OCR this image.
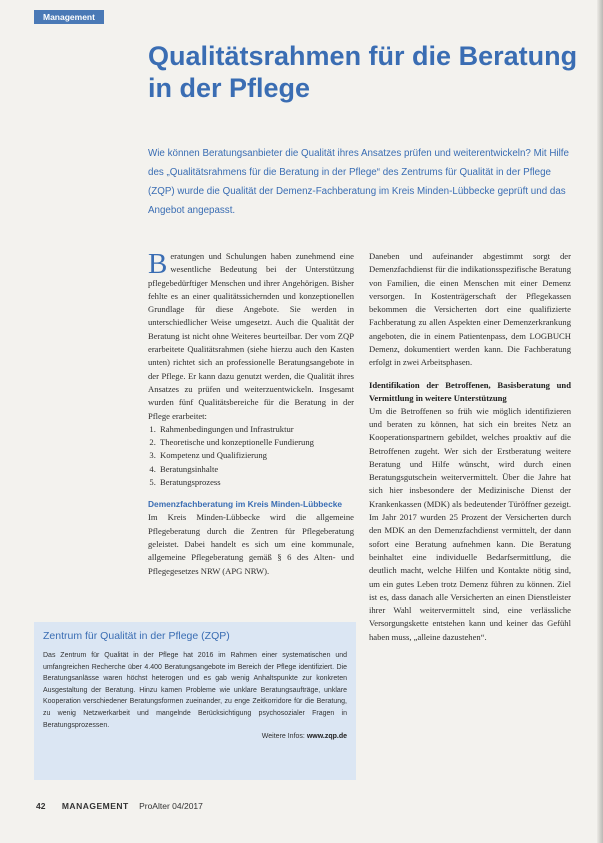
Management
Qualitätsrahmen für die Beratung in der Pflege

Wie können Beratungsanbieter die Qualität ihres Ansatzes prüfen und weiterentwickeln? Mit Hilfe des „Qualitätsrahmens für die Beratung in der Pflege“ des Zentrums für Qualität in der Pflege (ZQP) wurde die Qualität der Demenz-Fachberatung im Kreis Minden-Lübbecke geprüft und das Angebot angepasst.

Beratungen und Schulungen haben zunehmend eine wesentliche Bedeutung bei der Unterstützung pflegebedürftiger Menschen und ihrer Angehörigen. Bisher fehlte es an einer qualitätssichernden und konzeptionellen Grundlage für diese Angebote. Sie werden in unterschiedlicher Weise umgesetzt. Auch die Qualität der Beratung ist nicht ohne Weiteres beurteilbar. Der vom ZQP erarbeitete Qualitätsrahmen (siehe hierzu auch den Kasten unten) richtet sich an professionelle Beratungsangebote in der Pflege. Er kann dazu genutzt werden, die Qualität ihres Ansatzes zu prüfen und weiterzuentwickeln. Insgesamt wurden fünf Qualitätsbereiche für die Beratung in der Pflege erarbeitet:

1. Rahmenbedingungen und Infrastruktur
2. Theoretische und konzeptionelle Fundierung
3. Kompetenz und Qualifizierung
4. Beratungsinhalte
5. Beratungsprozess

Demenzfachberatung im Kreis Minden-Lübbecke

Im Kreis Minden-Lübbecke wird die allgemeine Pflegeberatung durch die Zentren für Pflegeberatung geleistet. Dabei handelt es sich um eine kommunale, allgemeine Pflegeberatung gemäß § 6 des Alten- und Pflegegesetzes NRW (APG NRW).

Daneben und aufeinander abgestimmt sorgt der Demenzfachdienst für die indikationsspezifische Beratung von Familien, die einen Menschen mit einer Demenz versorgen. In Kostenträgerschaft der Pflegekassen bekommen die Versicherten dort eine qualifizierte Fachberatung zu allen Aspekten einer Demenzerkrankung angeboten, die in einem Patientenpass, dem LOGBUCH Demenz, dokumentiert werden kann. Die Fachberatung erfolgt in zwei Arbeitsphasen.

Identifikation der Betroffenen, Basisberatung und Vermittlung in weitere Unterstützung

Um die Betroffenen so früh wie möglich identifizieren und beraten zu können, hat sich ein breites Netz an Kooperationspartnern gebildet, welches proaktiv auf die Betroffenen zugeht. Wer sich der Erstberatung weitere Beratung und Hilfe wünscht, wird durch einen Beratungsgutschein weitervermittelt. Über die Jahre hat sich hier insbesondere der Medizinische Dienst der Krankenkassen (MDK) als bedeutender Türöffner gezeigt. Im Jahr 2017 wurden 25 Prozent der Versicherten durch den MDK an den Demenzfachdienst vermittelt, der dann sofort eine Beratung aufnehmen kann. Die Beratung beinhaltet eine individuelle Bedarfsermittlung, die deutlich macht, welche Hilfen und Kontakte nötig sind, um ein gutes Leben trotz Demenz führen zu können. Ziel ist es, dass danach alle Versicherten an einen Dienstleister ihrer Wahl weitervermittelt sind, eine verlässliche Versorgungskette entstehen kann und keiner das Gefühl haben muss, „alleine dazustehen“.

Zentrum für Qualität in der Pflege (ZQP)

Das Zentrum für Qualität in der Pflege hat 2016 im Rahmen einer systematischen und umfangreichen Recherche über 4.400 Beratungsangebote im Bereich der Pflege identifiziert. Die Beratungsanlässe waren höchst heterogen und es gab wenig Anhaltspunkte zur konkreten Ausgestaltung der Beratung. Hinzu kamen Probleme wie unklare Beratungsaufträge, unklare Kooperation verschiedener Beratungsformen zueinander, zu enge Zeitkorridore für die Beratung, zu wenig Netzwerkarbeit und mangelnde Berücksichtigung psychosozialer Fragen in Beratungsprozessen.
Weitere Infos: www.zqp.de

42 MANAGEMENT ProAlter 04/2017
